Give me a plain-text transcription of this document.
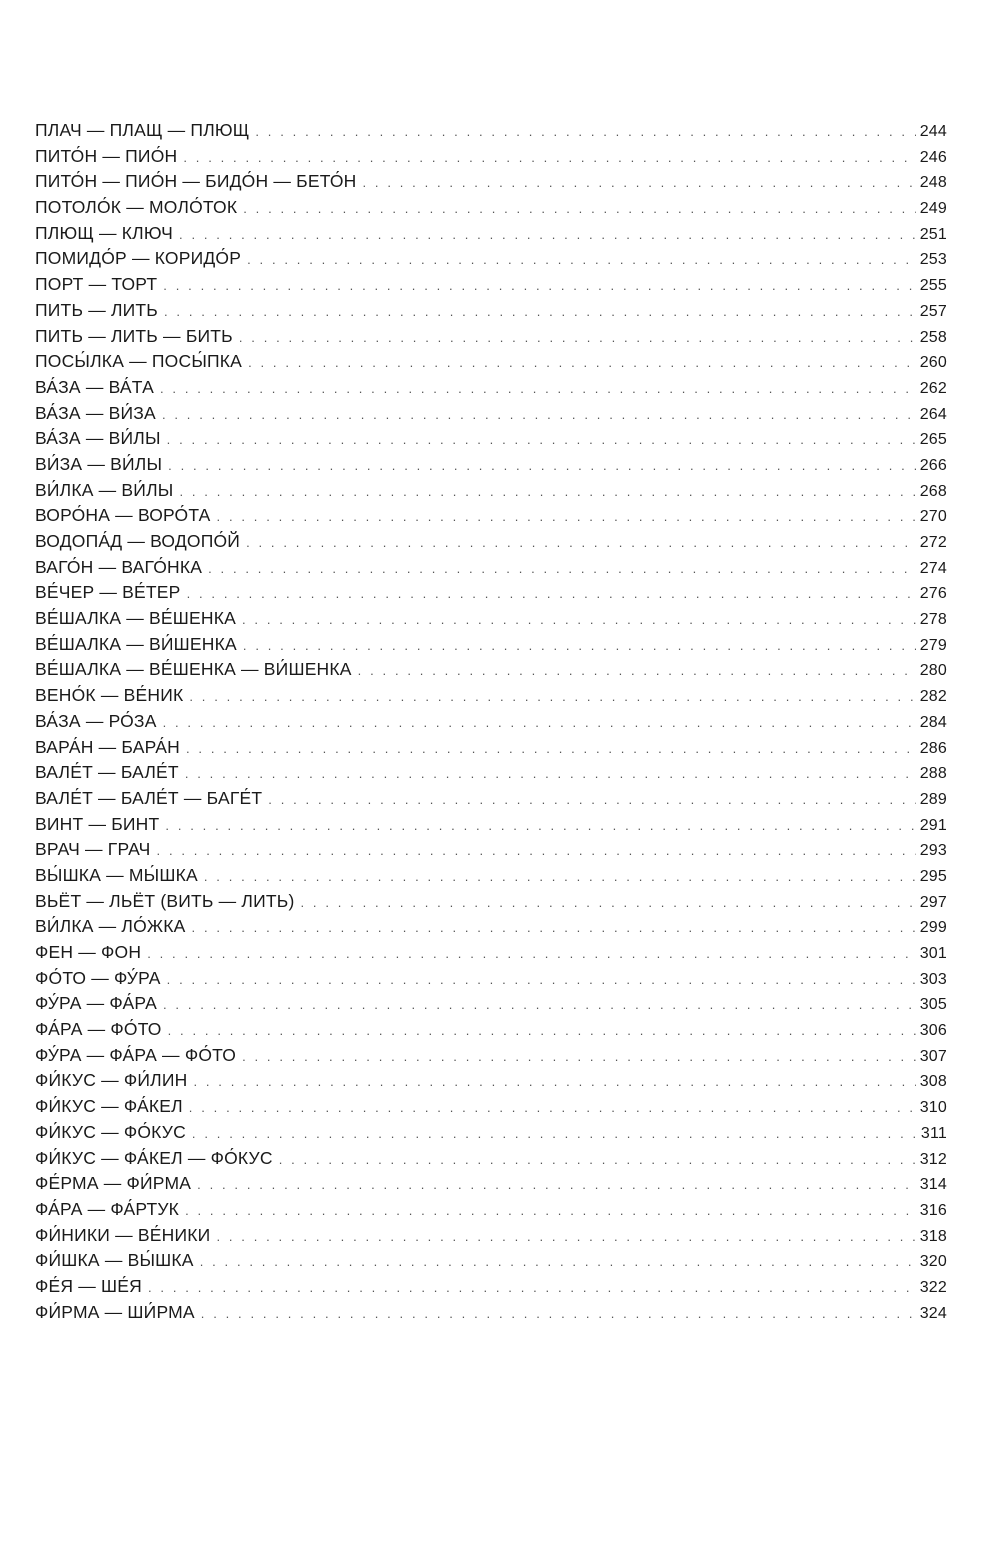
ПЛАЧ — ПЛАЩ — ПЛЮЩ . . .	244
ПИТО́Н — ПИО́Н . . .	246
ПИТО́Н — ПИО́Н — БИДО́Н — БЕТО́Н . . .	248
ПОТОЛО́К — МОЛО́ТОК . . .	249
ПЛЮЩ — КЛЮЧ . . .	251
ПОМИДО́Р — КОРИДО́Р . . .	253
ПОРТ — ТОРТ . . .	255
ПИТЬ — ЛИТЬ . . .	257
ПИТЬ — ЛИТЬ — БИТЬ . . .	258
ПОСЫ́ЛКА — ПОСЫ́ПКА . . .	260
ВА́ЗА — ВА́ТА . . .	262
ВА́ЗА — ВИ́ЗА . . .	264
ВА́ЗА — ВИ́ЛЫ . . .	265
ВИ́ЗА — ВИ́ЛЫ . . .	266
ВИ́ЛКА — ВИ́ЛЫ . . .	268
ВОРО́НА — ВОРО́ТА . . .	270
ВОДОПА́Д — ВОДОПО́Й . . .	272
ВАГО́Н — ВАГО́НКА . . .	274
ВЕ́ЧЕР — ВЕ́ТЕР . . .	276
ВЕ́ШАЛКА — ВЕ́ШЕНКА . . .	278
ВЕ́ШАЛКА — ВИ́ШЕНКА . . .	279
ВЕ́ШАЛКА — ВЕ́ШЕНКА — ВИ́ШЕНКА . . .	280
ВЕНО́К — ВЕ́НИК . . .	282
ВА́ЗА — РО́ЗА . . .	284
ВАРА́Н — БАРА́Н . . .	286
ВАЛЕ́Т — БАЛЕ́Т . . .	288
ВАЛЕ́Т — БАЛЕ́Т — БАГЕ́Т . . .	289
ВИНТ — БИНТ . . .	291
ВРАЧ — ГРАЧ . . .	293
ВЫ́ШКА — МЫ́ШКА . . .	295
ВЬЁТ — ЛЬЁТ (ВИТЬ — ЛИТЬ) . . .	297
ВИ́ЛКА — ЛО́ЖКА . . .	299
ФЕН — ФОН . . .	301
ФО́ТО — ФУ́РА . . .	303
ФУ́РА — ФА́РА . . .	305
ФА́РА — ФО́ТО . . .	306
ФУ́РА — ФА́РА — ФО́ТО . . .	307
ФИ́КУС — ФИ́ЛИН . . .	308
ФИ́КУС — ФА́КЕЛ . . .	310
ФИ́КУС — ФО́КУС . . .	311
ФИ́КУС — ФА́КЕЛ — ФО́КУС . . .	312
ФЕ́РМА — ФИ́РМА . . .	314
ФА́РА — ФА́РТУК . . .	316
ФИ́НИКИ — ВЕ́НИКИ . . .	318
ФИ́ШКА — ВЫ́ШКА . . .	320
ФЕ́Я — ШЕ́Я . . .	322
ФИ́РМА — ШИ́РМА . . .	324
